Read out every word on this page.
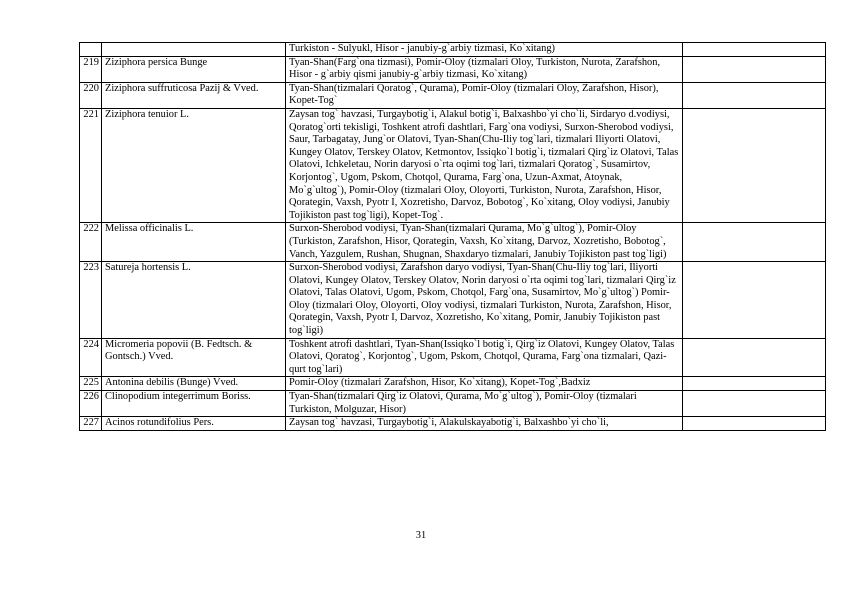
		Turkiston - Sulyukl, Hisor - janubiy-g`arbiy tizmasi, Ko`xitang)	
219	Ziziphora persica Bunge	Tyan-Shan(Farg`ona tizmasi), Pomir-Oloy (tizmalari Oloy, Turkiston, Nurota, Zarafshon, Hisor - g`arbiy qismi janubiy-g`arbiy tizmasi, Ko`xitang)	
220	Ziziphora suffruticosa Pazij & Vved.	Tyan-Shan(tizmalari Qoratog`, Qurama), Pomir-Oloy (tizmalari Oloy, Zarafshon, Hisor), Kopet-Tog`	
221	Ziziphora tenuior L.	Zaysan tog` havzasi, Turgaybotig`i, Alakul botig`i, Balxashbo`yi cho`li, Sirdaryo d.vodiysi, Qoratog`orti tekisligi, Toshkent atrofi dashtlari, Farg`ona vodiysi, Surxon-Sherobod vodiysi, Saur, Tarbagatay, Jung`or Olatovi, Tyan-Shan(Chu-Iliy tog`lari, tizmalari Iliyorti Olatovi, Kungey Olatov, Terskey Olatov, Ketmontov, Issiqko`l botig`i, tizmalari Qirg`iz Olatovi, Talas Olatovi, Ichkeletau, Norin daryosi o`rta oqimi tog`lari, tizmalari Qoratog`, Susamirtov, Korjontog`, Ugom, Pskom, Chotqol, Qurama, Farg`ona, Uzun-Axmat, Atoynak, Mo`g`ultog`), Pomir-Oloy (tizmalari Oloy, Oloyorti, Turkiston, Nurota, Zarafshon, Hisor, Qorategin, Vaxsh, Pyotr I, Xozretisho, Darvoz, Bobotog`, Ko`xitang, Oloy vodiysi, Janubiy Tojikiston past tog`ligi), Kopet-Tog`.	
222	Melissa officinalis L.	Surxon-Sherobod vodiysi, Tyan-Shan(tizmalari Qurama, Mo`g`ultog`), Pomir-Oloy (Turkiston, Zarafshon, Hisor, Qorategin, Vaxsh, Ko`xitang, Darvoz, Xozretisho, Bobotog`, Vanch, Yazgulem, Rushan, Shugnan, Shaxdaryo tizmalari, Janubiy Tojikiston past tog`ligi)	
223	Satureja hortensis L.	Surxon-Sherobod vodiysi, Zarafshon daryo vodiysi, Tyan-Shan(Chu-Iliy tog`lari, Iliyorti Olatovi, Kungey Olatov, Terskey Olatov, Norin daryosi o`rta oqimi tog`lari, tizmalari Qirg`iz Olatovi, Talas Olatovi, Ugom, Pskom, Chotqol, Farg`ona, Susamirtov, Mo`g`ultog`) Pomir-Oloy (tizmalari Oloy, Oloyorti, Oloy vodiysi, tizmalari Turkiston, Nurota, Zarafshon, Hisor, Qorategin, Vaxsh, Pyotr I, Darvoz, Xozretisho, Ko`xitang, Pomir, Janubiy Tojikiston past tog`ligi)	
224	Micromeria popovii (B. Fedtsch. & Gontsch.) Vved.	Toshkent atrofi dashtlari, Tyan-Shan(Issiqko`l botig`i, Qirg`iz Olatovi, Kungey Olatov, Talas Olatovi, Qoratog`, Korjontog`, Ugom, Pskom, Chotqol, Qurama, Farg`ona tizmalari, Qazi-qurt tog`lari)	
225	Antonina debilis (Bunge) Vved.	Pomir-Oloy (tizmalari Zarafshon, Hisor, Ko`xitang), Kopet-Tog`,Badxiz	
226	Clinopodium integerrimum Boriss.	Tyan-Shan(tizmalari Qirg`iz Olatovi, Qurama, Mo`g`ultog`), Pomir-Oloy (tizmalari Turkiston, Molguzar, Hisor)	
227	Acinos rotundifolius Pers.	Zaysan tog` havzasi, Turgaybotig`i, Alakulskayabotig`i, Balxashbo`yi cho`li,	
31
